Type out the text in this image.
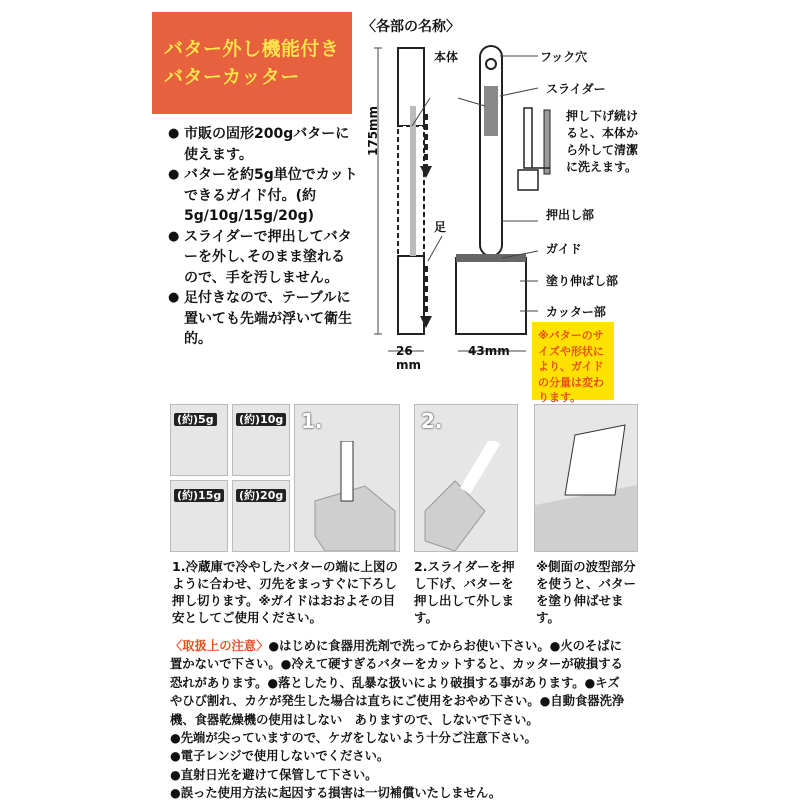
バター外し機能付き
バターカッター
● 市販の固形200gバターに使えます。
● バターを約5g単位でカットできるガイド付。(約5g/10g/15g/20g)
● スライダーで押出してバターを外し､そのまま塗れるので、手を汚しません。
● 足付きなので、テーブルに置いても先端が浮いて衛生的。
〈各部の名称〉
本体
足
175mm
26
mm
43mm
フック穴
スライダー
押し下げ続けると、本体から外して清潔に洗えます。
押出し部
ガイド
塗り伸ばし部
カッター部
※バターのサイズや形状により、ガイドの分量は変わります。
(約)5g	(約)10g
(約)15g (約)20g
1.	2.
1.冷蔵庫で冷やしたバターの端に上図のように合わせ、刃先をまっすぐに下ろし押し切ります。※ガイドはおおよその目安としてご使用ください。
2.スライダーを押し下げ、バターを押し出して外します。
※側面の波型部分を使うと、バターを塗り伸ばせます。
〈取扱上の注意〉●はじめに食器用洗剤で洗ってからお使い下さい。●火のそばに置かないで下さい。●冷えて硬すぎるバターをカットすると、カッターが破損する恐れがあります。●落としたり、乱暴な扱いにより破損する事があります。●キズやひび割れ、カケが発生した場合は直ちにご使用をおやめ下さい。●自動食器洗浄機、食器乾燥機の使用はしない　ありますので、しないで下さい。
●先端が尖っていますので、ケガをしないよう十分ご注意下さい。
●電子レンジで使用しないでください。
●直射日光を避けて保管して下さい。
●誤った使用方法に起因する損害は一切補償いたしません。
